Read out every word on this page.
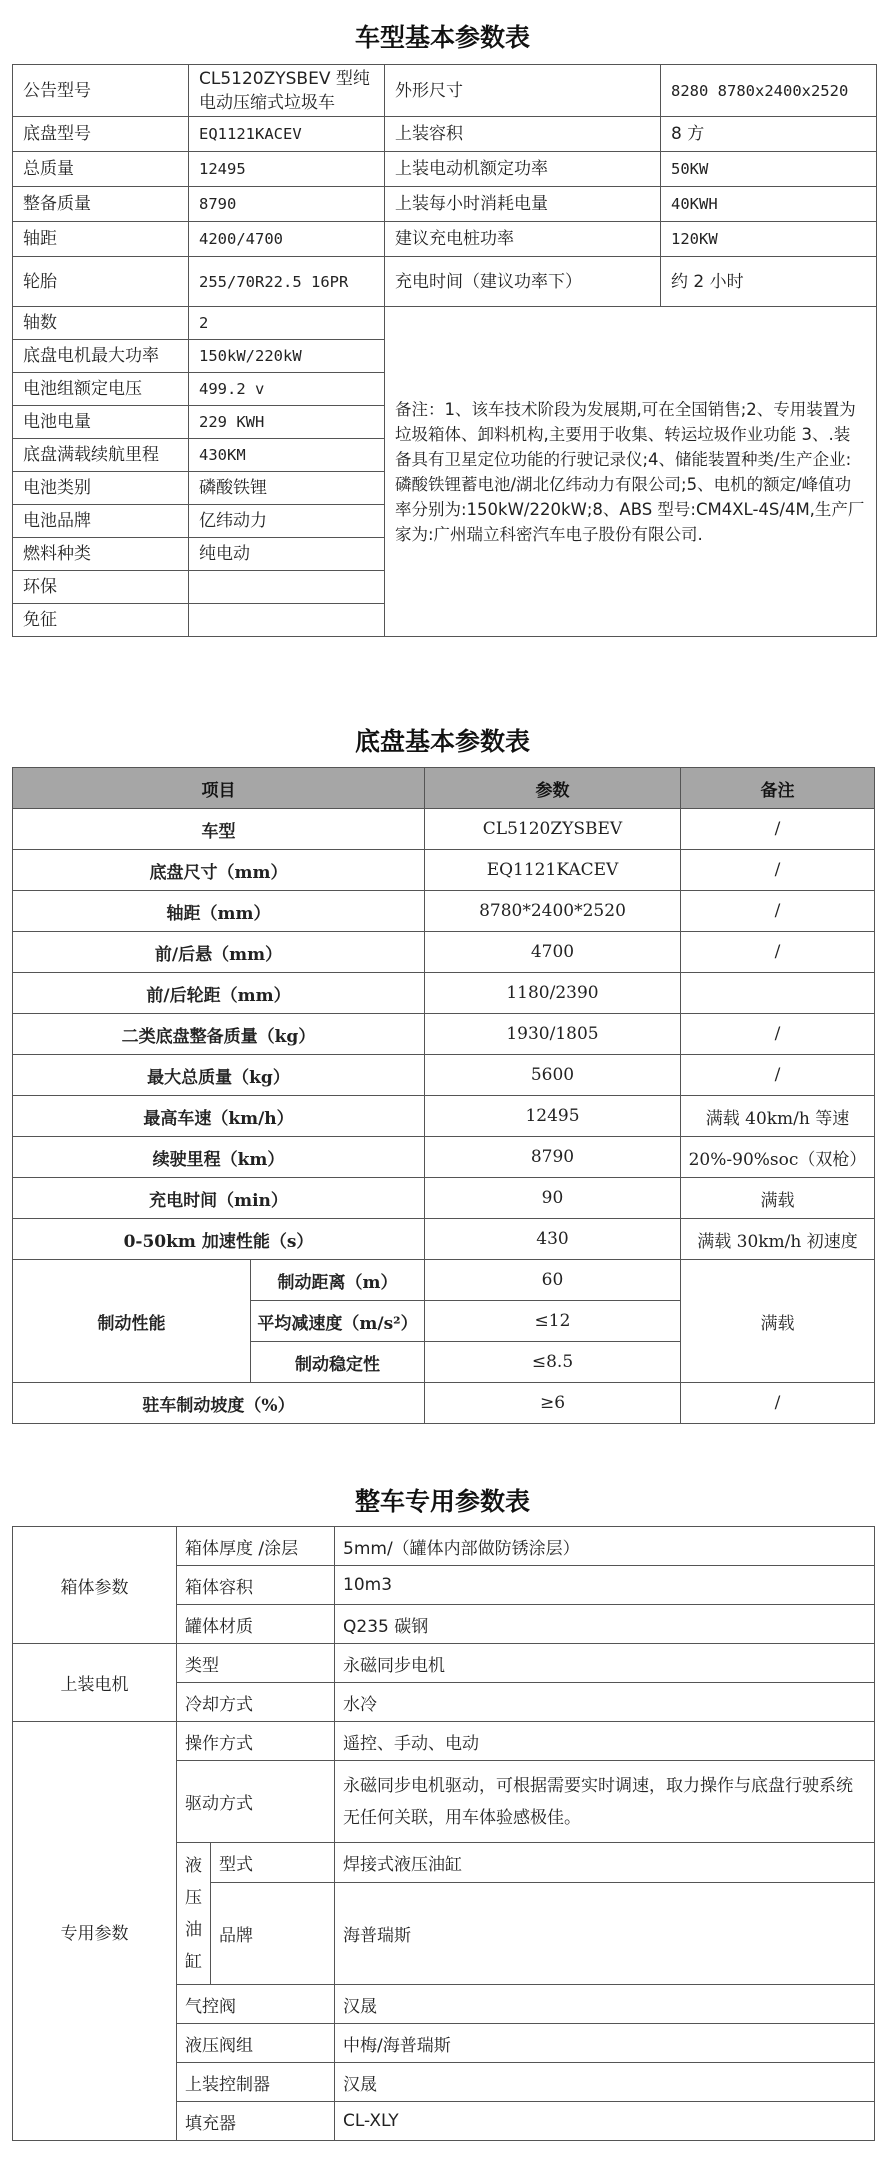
车型基本参数表
公告型号	CL5120ZYSBEV 型纯电动压缩式垃圾车	外形尺寸	8280 8780x2400x2520
底盘型号	EQ1121KACEV	上装容积	8 方
总质量	12495	上装电动机额定功率	50KW
整备质量	8790	上装每小时消耗电量	40KWH
轴距	4200/4700	建议充电桩功率	120KW
轮胎	255/70R22.5 16PR	充电时间（建议功率下）	约 2 小时
轴数	2	备注：1、该车技术阶段为发展期,可在全国销售;2、专用装置为垃圾箱体、卸料机构,主要用于收集、转运垃圾作业功能 3、.装备具有卫星定位功能的行驶记录仪;4、储能装置种类/生产企业:磷酸铁锂蓄电池/湖北亿纬动力有限公司;5、电机的额定/峰值功率分别为:150kW/220kW;8、ABS 型号:CM4XL-4S/4M,生产厂家为:广州瑞立科密汽车电子股份有限公司.	
底盘电机最大功率	150kW/220kW		
电池组额定电压	499.2 v		
电池电量	229 KWH		
底盘满载续航里程	430KM		
电池类别	磷酸铁锂		
电池品牌	亿纬动力		
燃料种类	纯电动		
环保			
免征			
底盘基本参数表
项目		参数	备注
车型		CL5120ZYSBEV	/
底盘尺寸（mm）		EQ1121KACEV	/
轴距（mm）		8780*2400*2520	/
前/后悬（mm）		4700	/
前/后轮距（mm）		1180/2390	
二类底盘整备质量（kg）		1930/1805	/
最大总质量（kg）		5600	/
最高车速（km/h）		12495	满载 40km/h 等速
续驶里程（km）		8790	20%-90%soc（双枪）
充电时间（min）		90	满载
0-50km 加速性能（s）		430	满载 30km/h 初速度
制动性能	制动距离（m）	60	满载
	平均减速度（m/s²）	≤12	
	制动稳定性	≤8.5	
驻车制动坡度（%）		≥6	/
整车专用参数表
箱体参数	箱体厚度 /涂层		5mm/（罐体内部做防锈涂层）
	箱体容积		10m3
	罐体材质		Q235 碳钢
上装电机	类型		永磁同步电机
	冷却方式		水冷
专用参数	操作方式		遥控、手动、电动
	驱动方式		永磁同步电机驱动，可根据需要实时调速，取力操作与底盘行驶系统无任何关联，用车体验感极佳。

	液压油缸	型式	焊接式液压油缸
		品牌	海普瑞斯
	气控阀		汉晟
	液压阀组		中梅/海普瑞斯
	上装控制器		汉晟
	填充器		CL-XLY
